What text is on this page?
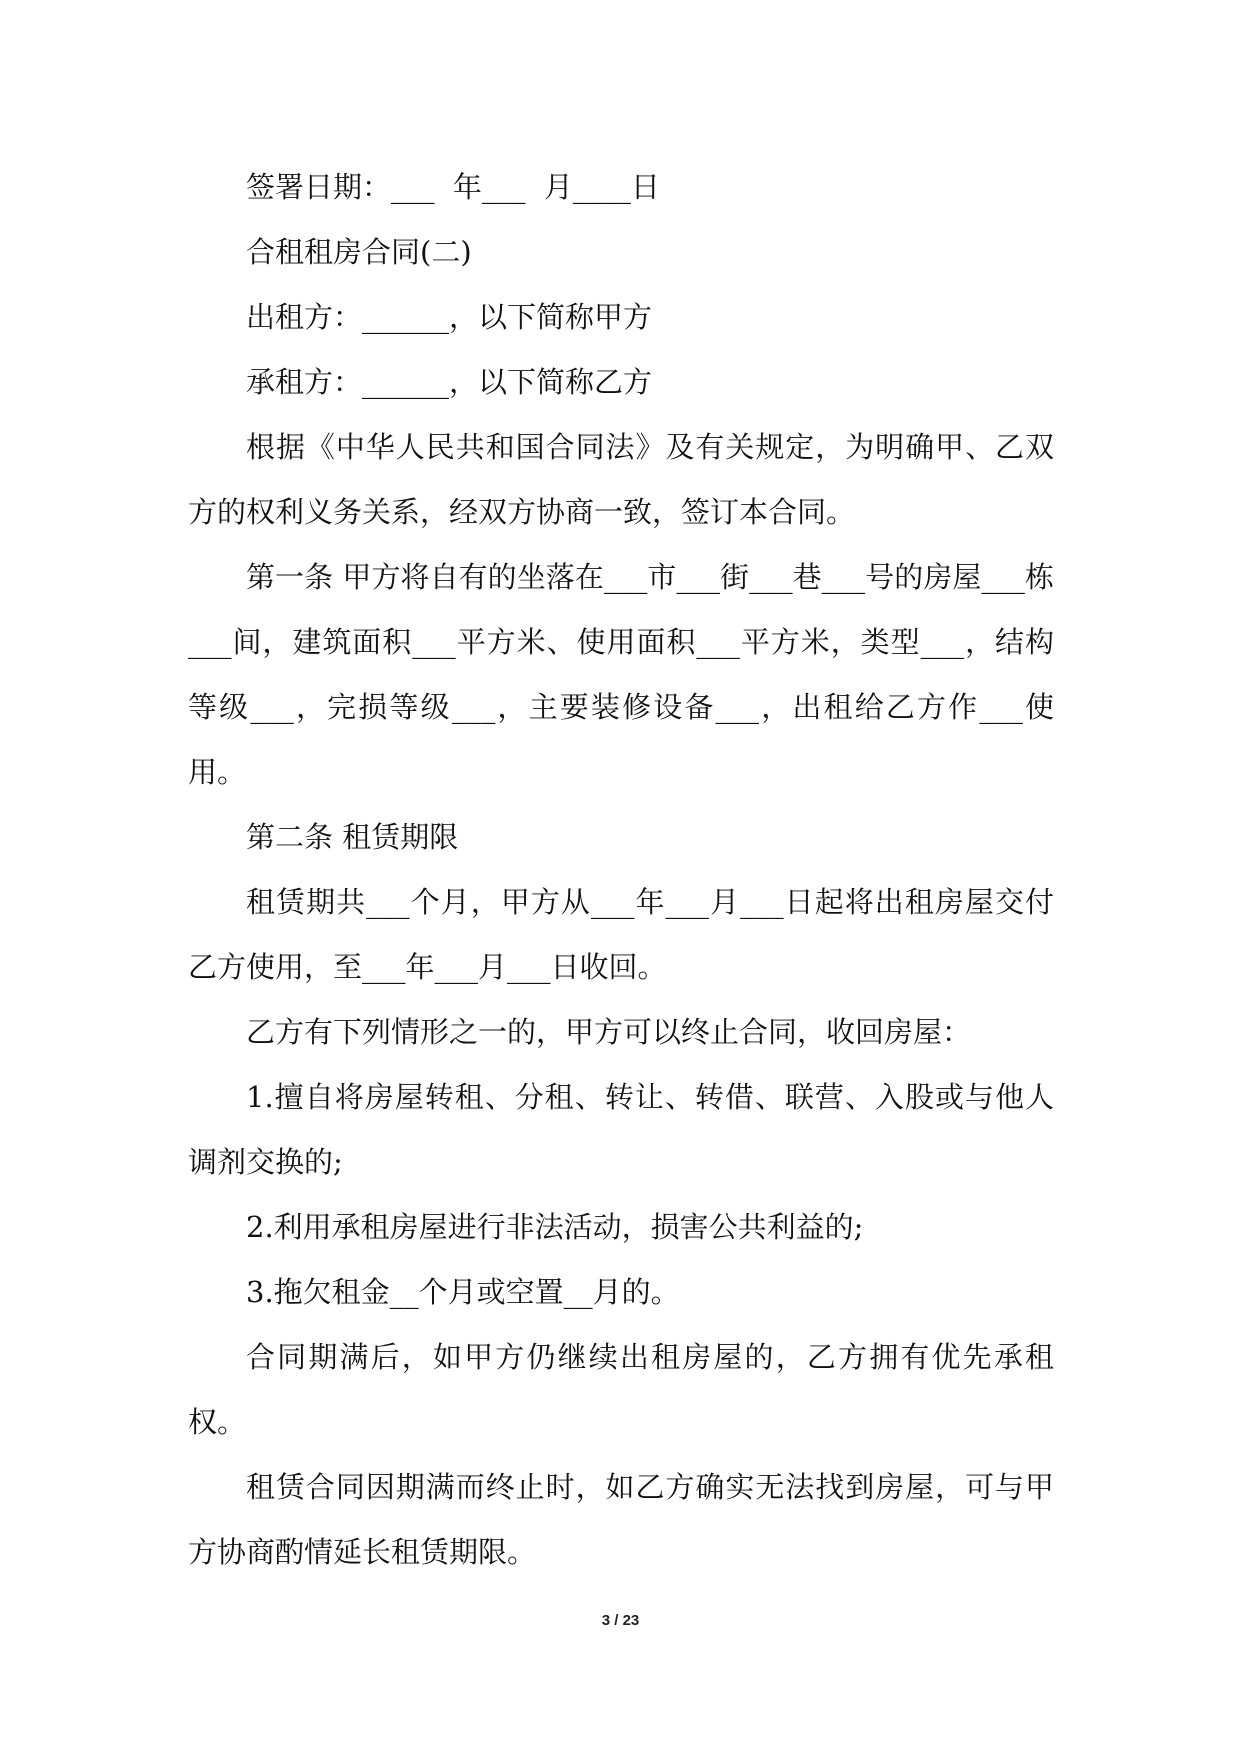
签署日期：___  年___  月____日

合租租房合同(二)

出租方：______，以下简称甲方

承租方：______，以下简称乙方

根据《中华人民共和国合同法》及有关规定，为明确甲、乙双方的权利义务关系，经双方协商一致，签订本合同。

第一条 甲方将自有的坐落在___市___街___巷___号的房屋___栋___间，建筑面积___平方米、使用面积___平方米，类型___，结构等级___，完损等级___，主要装修设备___，出租给乙方作___使用。

第二条 租赁期限

租赁期共___个月，甲方从___年___月___日起将出租房屋交付乙方使用，至___年___月___日收回。

乙方有下列情形之一的，甲方可以终止合同，收回房屋：

1.擅自将房屋转租、分租、转让、转借、联营、入股或与他人调剂交换的;

2.利用承租房屋进行非法活动，损害公共利益的;

3.拖欠租金__个月或空置__月的。

合同期满后，如甲方仍继续出租房屋的，乙方拥有优先承租权。

租赁合同因期满而终止时，如乙方确实无法找到房屋，可与甲方协商酌情延长租赁期限。

3 / 23
